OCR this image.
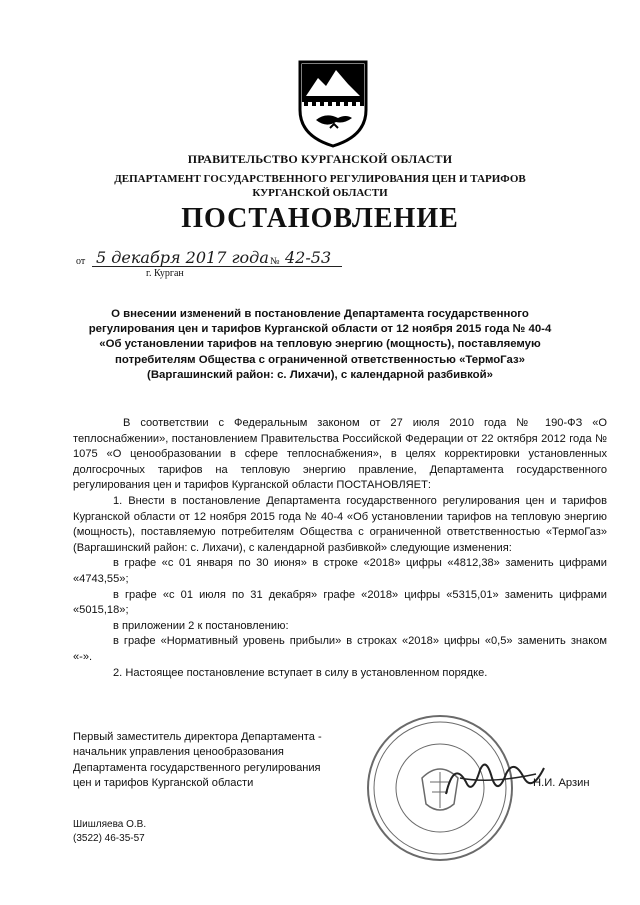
ПРАВИТЕЛЬСТВО КУРГАНСКОЙ ОБЛАСТИ
ДЕПАРТАМЕНТ ГОСУДАРСТВЕННОГО РЕГУЛИРОВАНИЯ ЦЕН И ТАРИФОВ
КУРГАНСКОЙ ОБЛАСТИ
ПОСТАНОВЛЕНИЕ
от 5 декабря 2017 года № 42-53
г. Курган
О внесении изменений в постановление Департамента государственного регулирования цен и тарифов Курганской области от 12 ноября 2015 года № 40-4 «Об установлении тарифов на тепловую энергию (мощность), поставляемую потребителям Общества с ограниченной ответственностью «ТермоГаз» (Варгашинский район: с. Лихачи), с календарной разбивкой»

В соответствии с Федеральным законом от 27 июля 2010 года № 190-ФЗ «О теплоснабжении», постановлением Правительства Российской Федерации от 22 октября 2012 года № 1075 «О ценообразовании в сфере теплоснабжения», в целях корректировки установленных долгосрочных тарифов на тепловую энергию правление, Департамента государственного регулирования цен и тарифов Курганской области ПОСТАНОВЛЯЕТ:

1. Внести в постановление Департамента государственного регулирования цен и тарифов Курганской области от 12 ноября 2015 года № 40-4 «Об установлении тарифов на тепловую энергию (мощность), поставляемую потребителям Общества с ограниченной ответственностью «ТермоГаз» (Варгашинский район: с. Лихачи), с календарной разбивкой» следующие изменения:

в графе «с 01 января по 30 июня» в строке «2018» цифры «4812,38» заменить цифрами «4743,55»;

в графе «с 01 июля по 31 декабря» графе «2018» цифры «5315,01» заменить цифрами «5015,18»;

в приложении 2 к постановлению:

в графе «Нормативный уровень прибыли» в строках «2018» цифры «0,5» заменить знаком «-».

2. Настоящее постановление вступает в силу в установленном порядке.

Первый заместитель директора Департамента -
начальник управления ценообразования
Департамента государственного регулирования
цен и тарифов Курганской области	Н.И. Арзин
Шишляева О.В.
(3522) 46-35-57
